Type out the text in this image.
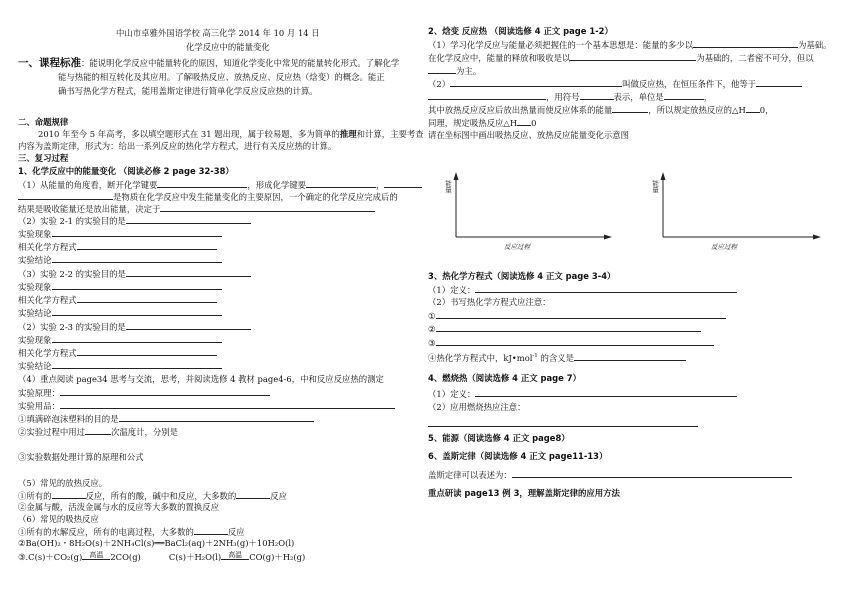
中山市卓雅外国语学校 高三化学 2014 年 10 月 14 日
化学反应中的能量变化
一、课程标准：能说明化学反应中能量转化的原因，知道化学变化中常见的能量转化形式。了解化学
能与热能的相互转化及其应用。了解吸热反应、放热反应、反应热（焓变）的概念。能正
确书写热化学方程式，能用盖斯定律进行简单化学反应反应热的计算。
二、命题规律
2010 年至今 5 年高考，多以填空题形式在 31 题出现，属于较易题，多为简单的推理和计算，主要考查
内容为盖斯定律，形式为：给出一系列反应的热化学方程式，进行有关反应热的计算。
三、复习过程
1、化学反应中的能量变化 （阅读必修 2 page 32-38）
（1）从能量的角度看，断开化学键要	，形成化学键要	，
是物质在化学反应中发生能量变化的主要原因，一个确定的化学反应完成后的
结果是吸收能量还是放出能量，决定于
（2）实验 2-1 的实验目的是
实验现象
相关化学方程式
实验结论
（3）实验 2-2 的实验目的是
实验现象
相关化学方程式
实验结论
（2）实验 2-3 的实验目的是
实验现象
相关化学方程式
实验结论
（4）重点阅读 page34 思考与交流，思考，并阅读选修 4 教材 page4-6，中和反应反应热的测定
实验原理：
实验用品：
①填满碎泡沫塑料的目的是
②实验过程中用过	次温度计，分别是
③实验数据处理计算的原理和公式
（5）常见的放热反应。
①所有的	反应，所有的酸，碱中和反应，大多数的	反应
②金属与酸，活泼金属与水的反应等大多数的置换反应
（6）常见的吸热反应
①所有的水解反应，所有的电离过程，大多数的	反应
②Ba(OH)₂・8H₂O(s)＋2NH₄Cl(s)══BaCl₂(aq)＋2NH₃(g)＋10H₂O(l)
③.C(s)＋CO₂(g) 高温 2CO(g)	C(s)＋H₂O(l) 高温 CO(g)＋H₂(g)
2、焓变 反应热 （阅读选修 4 正文 page 1-2）
（1）学习化学反应与能量必须把握住的一个基本思想是：能量的多少以	为基础。
在化学反应中，能量的释放和吸收是以	为基础的，二者密不可分，但以
为主。
（2）	叫做反应热，在恒压条件下，他等于
，用符号	表示，单位是	，
其中放热反应反应后放出热量而使反应体系的能量	，所以规定放热反应的△H 0，
同理，规定吸热反应△H 0
请在坐标图中画出吸热反应、放热反应能量变化示意图
能量
反应过程
能量
反应过程
3、热化学方程式（阅读选修 4 正文 page 3-4）
（1）定义：
（2）书写热化学方程式应注意：
①
②
③
④热化学方程式中，kJ•mol$^{-1}$ 的含义是
4、燃烧热（阅读选修 4 正文 page 7）
（1）定义：
（2）应用燃烧热应注意：
5、能源（阅读选修 4 正文 page8）
6、盖斯定律（阅读选修 4 正文 page11-13）
盖斯定律可以表述为：
重点研读 page13 例 3，理解盖斯定律的应用方法
